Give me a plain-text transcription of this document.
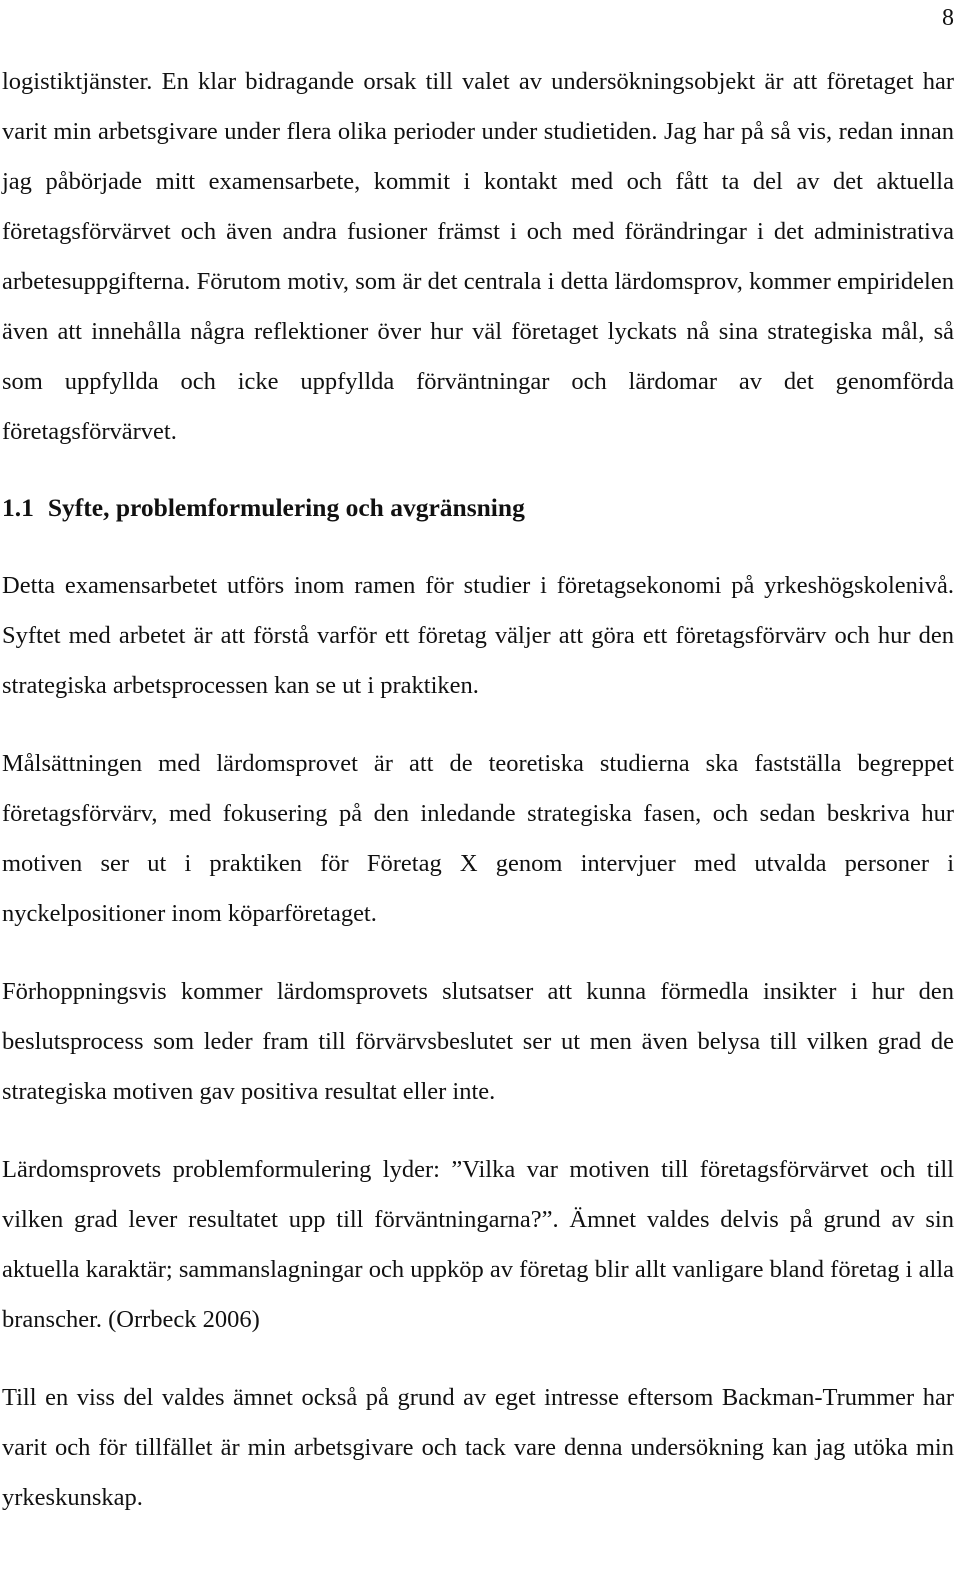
8

logistiktjänster. En klar bidragande orsak till valet av undersökningsobjekt är att företaget har varit min arbetsgivare under flera olika perioder under studietiden. Jag har på så vis, redan innan jag påbörjade mitt examensarbete, kommit i kontakt med och fått ta del av det aktuella företagsförvärvet och även andra fusioner främst i och med förändringar i det administrativa arbetesuppgifterna. Förutom motiv, som är det centrala i detta lärdomsprov, kommer empiridelen även att innehålla några reflektioner över hur väl företaget lyckats nå sina strategiska mål, så som uppfyllda och icke uppfyllda förväntningar och lärdomar av det genomförda företagsförvärvet.

1.1 Syfte, problemformulering och avgränsning

Detta examensarbetet utförs inom ramen för studier i företagsekonomi på yrkeshögskolenivå. Syftet med arbetet är att förstå varför ett företag väljer att göra ett företagsförvärv och hur den strategiska arbetsprocessen kan se ut i praktiken.

Målsättningen med lärdomsprovet är att de teoretiska studierna ska fastställa begreppet företagsförvärv, med fokusering på den inledande strategiska fasen, och sedan beskriva hur motiven ser ut i praktiken för Företag X genom intervjuer med utvalda personer i nyckelpositioner inom köparföretaget.

Förhoppningsvis kommer lärdomsprovets slutsatser att kunna förmedla insikter i hur den beslutsprocess som leder fram till förvärvsbeslutet ser ut men även belysa till vilken grad de strategiska motiven gav positiva resultat eller inte.

Lärdomsprovets problemformulering lyder: ”Vilka var motiven till företagsförvärvet och till vilken grad lever resultatet upp till förväntningarna?”. Ämnet valdes delvis på grund av sin aktuella karaktär; sammanslagningar och uppköp av företag blir allt vanligare bland företag i alla branscher. (Orrbeck 2006)

Till en viss del valdes ämnet också på grund av eget intresse eftersom Backman-Trummer har varit och för tillfället är min arbetsgivare och tack vare denna undersökning kan jag utöka min yrkeskunskap.
